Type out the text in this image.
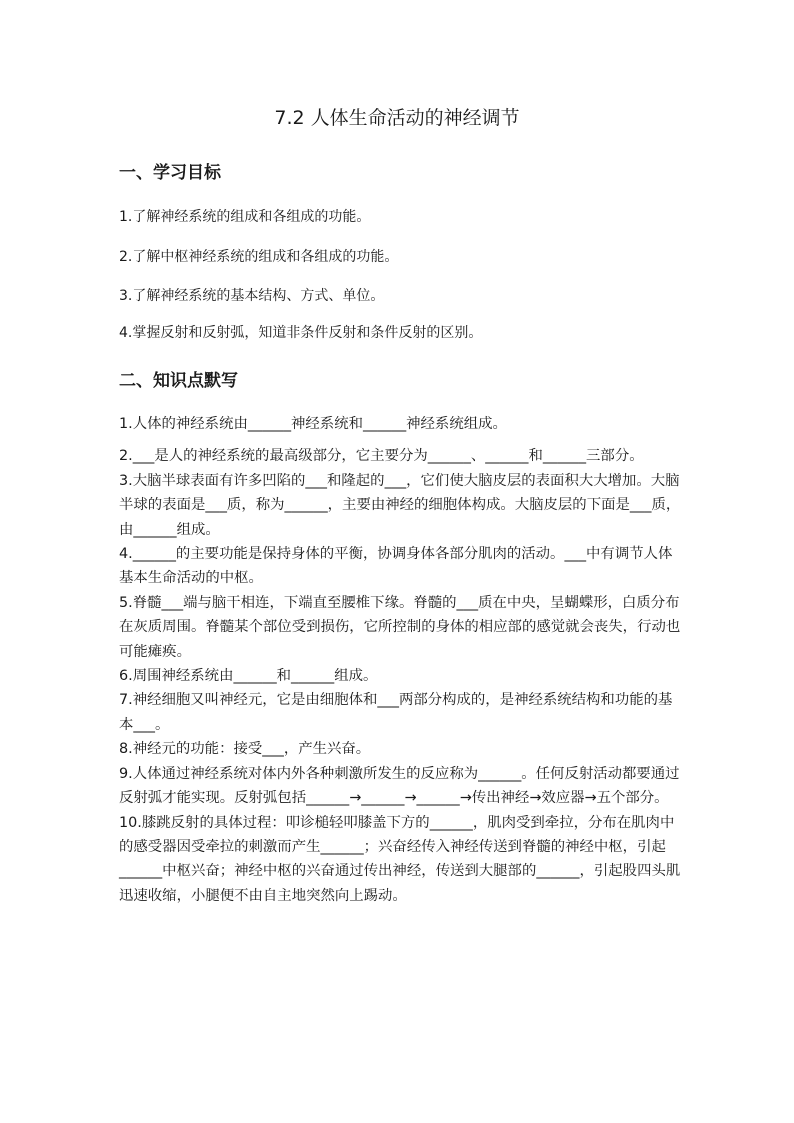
7.2 人体生命活动的神经调节
一、学习目标
1.了解神经系统的组成和各组成的功能。
2.了解中枢神经系统的组成和各组成的功能。
3.了解神经系统的基本结构、方式、单位。
4.掌握反射和反射弧，知道非条件反射和条件反射的区别。
二、知识点默写

1.人体的神经系统由______神经系统和______神经系统组成。

2.___是人的神经系统的最高级部分，它主要分为______、______和______三部分。

3.大脑半球表面有许多凹陷的___和隆起的___，它们使大脑皮层的表面积大大增加。大脑半球的表面是___质，称为______，主要由神经的细胞体构成。大脑皮层的下面是___质，由______组成。

4.______的主要功能是保持身体的平衡，协调身体各部分肌肉的活动。___中有调节人体基本生命活动的中枢。

5.脊髓___端与脑干相连，下端直至腰椎下缘。脊髓的___质在中央，呈蝴蝶形，白质分布在灰质周围。脊髓某个部位受到损伤，它所控制的身体的相应部的感觉就会丧失，行动也可能瘫痪。

6.周围神经系统由______和______组成。

7.神经细胞又叫神经元，它是由细胞体和___两部分构成的，是神经系统结构和功能的基本___。

8.神经元的功能：接受___，产生兴奋。

9.人体通过神经系统对体内外各种刺激所发生的反应称为______。任何反射活动都要通过反射弧才能实现。反射弧包括______→______→______→传出神经→效应器→五个部分。

10.膝跳反射的具体过程：叩诊槌轻叩膝盖下方的______，肌肉受到牵拉，分布在肌肉中的感受器因受牵拉的刺激而产生______；兴奋经传入神经传送到脊髓的神经中枢，引起______中枢兴奋；神经中枢的兴奋通过传出神经，传送到大腿部的______，引起股四头肌迅速收缩，小腿便不由自主地突然向上踢动。
